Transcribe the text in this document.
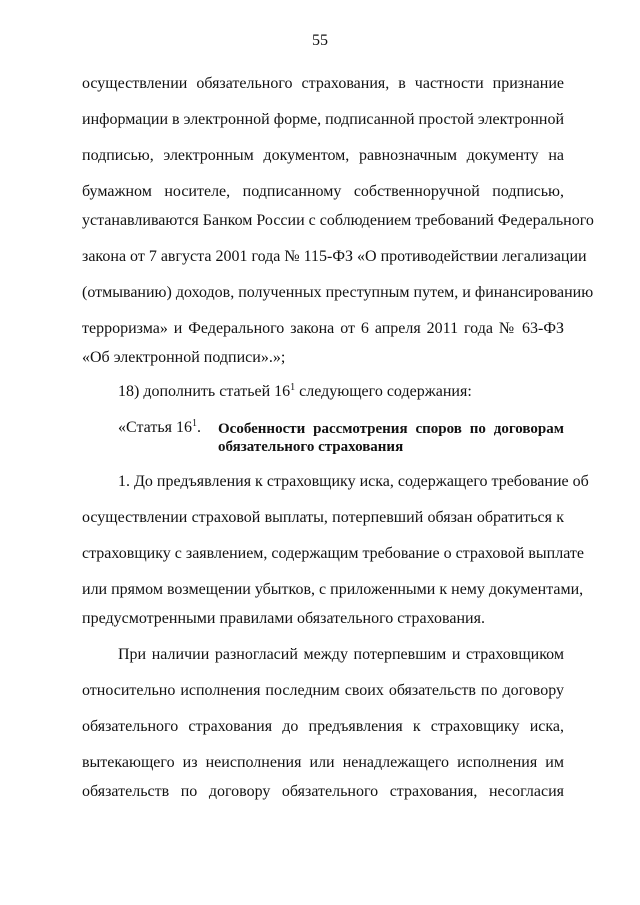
55
осуществлении обязательного страхования, в частности признание
информации в электронной форме, подписанной простой электронной
подписью, электронным документом, равнозначным документу на
бумажном носителе, подписанному собственноручной подписью,
устанавливаются Банком России с соблюдением требований Федерального
закона от 7 августа 2001 года № 115-ФЗ «О противодействии легализации
(отмыванию) доходов, полученных преступным путем, и финансированию
терроризма» и Федерального закона от 6 апреля 2011 года № 63-ФЗ
«Об электронной подписи».»;
18) дополнить статьей $16^1$ следующего содержания:
«Статья $16^1$. Особенности рассмотрения споров по договорам
обязательного страхования
1. До предъявления к страховщику иска, содержащего требование об
осуществлении страховой выплаты, потерпевший обязан обратиться к
страховщику с заявлением, содержащим требование о страховой выплате
или прямом возмещении убытков, с приложенными к нему документами,
предусмотренными правилами обязательного страхования.
При наличии разногласий между потерпевшим и страховщиком
относительно исполнения последним своих обязательств по договору
обязательного страхования до предъявления к страховщику иска,
вытекающего из неисполнения или ненадлежащего исполнения им
обязательств по договору обязательного страхования, несогласия
